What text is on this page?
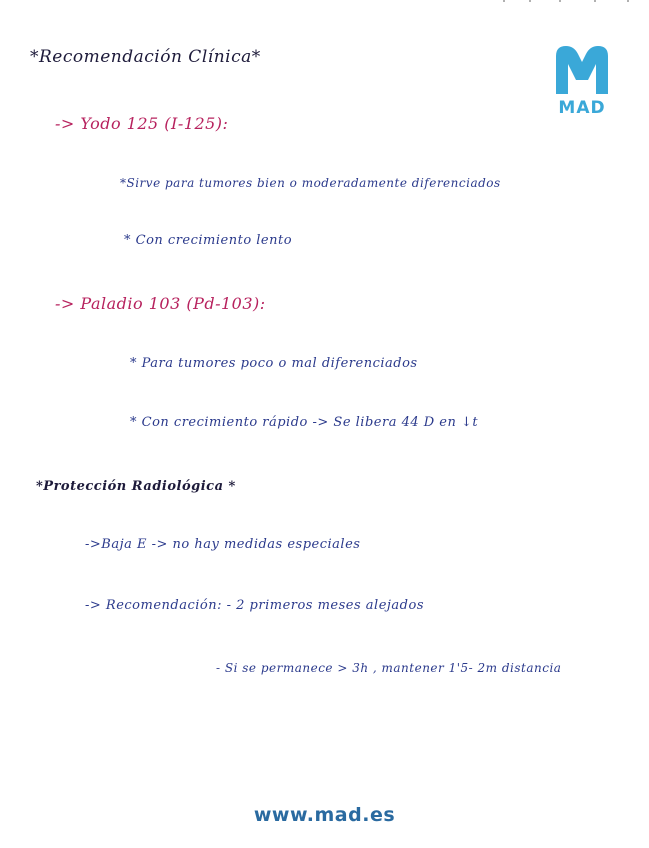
MAD
*Recomendación Clínica*
-> Yodo 125 (I-125):
*Sirve para tumores bien o moderadamente diferenciados
* Con crecimiento lento
-> Paladio 103 (Pd-103):
* Para tumores poco o mal diferenciados
* Con crecimiento rápido -> Se libera 44 D en ↓t
*Protección Radiológica *
->Baja E -> no hay medidas especiales
-> Recomendación: - 2 primeros meses alejados
- Si se permanece > 3h , mantener 1'5- 2m distancia
www.mad.es
